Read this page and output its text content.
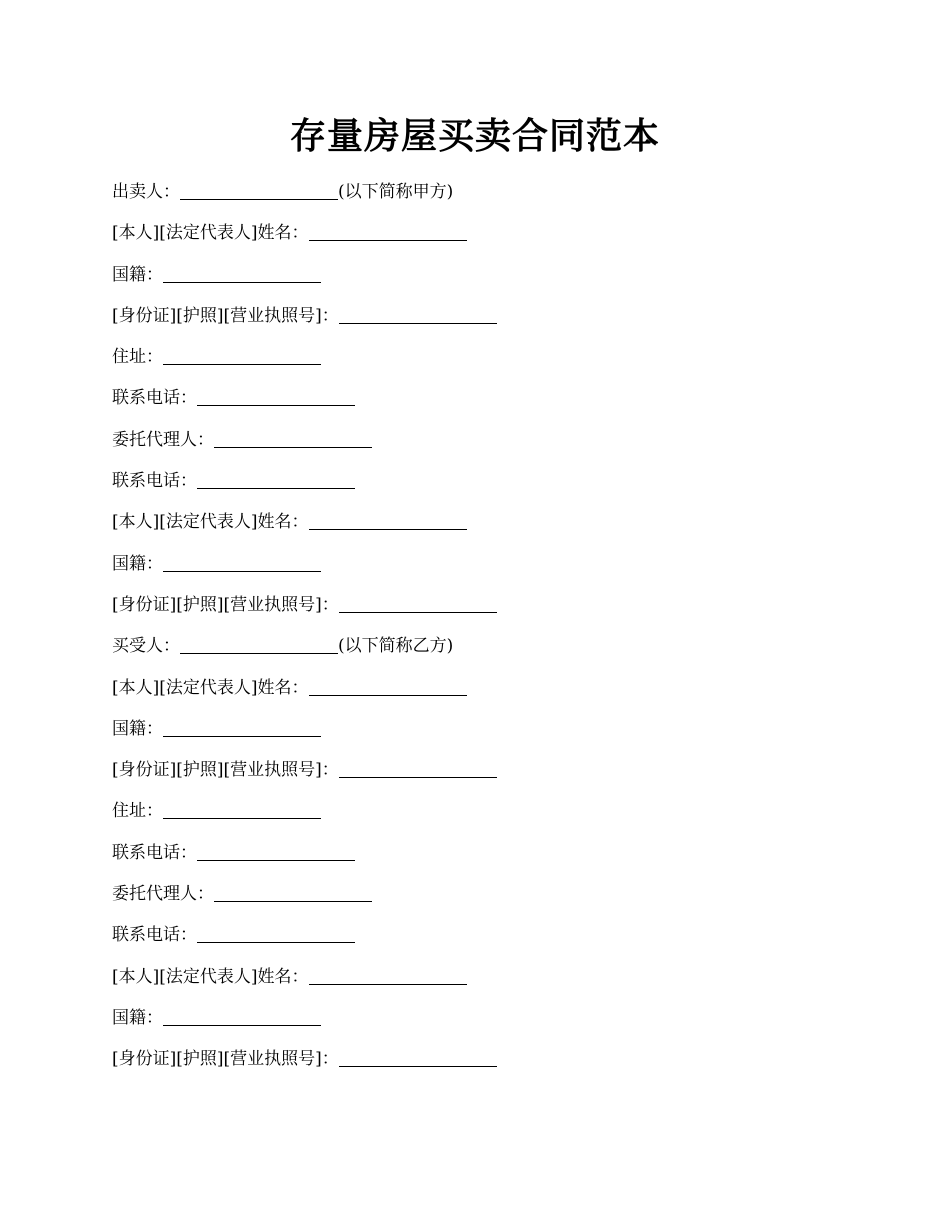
存量房屋买卖合同范本
出卖人：	(以下简称甲方)
[本人][法定代表人]姓名：
国籍：
[身份证][护照][营业执照号]：
住址：
联系电话：
委托代理人：
联系电话：
[本人][法定代表人]姓名：
国籍：
[身份证][护照][营业执照号]：
买受人：	(以下简称乙方)
[本人][法定代表人]姓名：
国籍：
[身份证][护照][营业执照号]：
住址：
联系电话：
委托代理人：
联系电话：
[本人][法定代表人]姓名：
国籍：
[身份证][护照][营业执照号]：
